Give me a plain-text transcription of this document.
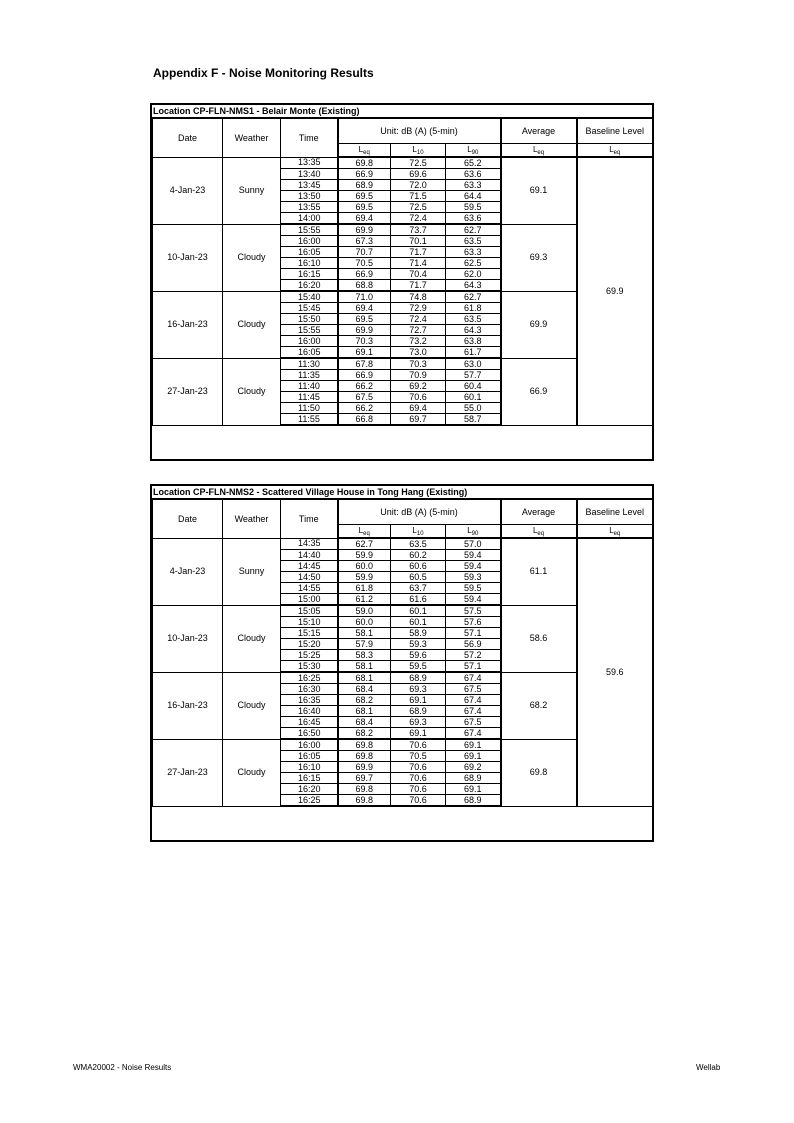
Appendix F - Noise Monitoring Results
Location CP-FLN-NMS1 - Belair Monte (Existing)
Date	Weather	Time	Unit: dB (A) (5-min)			Average	Baseline Level
			$L_{eq}$	$L_{10}$	$L_{90}$	$L_{eq}$	$L_{eq}$
4-Jan-23	Sunny	13:35	69.8	72.5	65.2	69.1	69.9
		13:40	66.9	69.6	63.6		
		13:45	68.9	72.0	63.3		
		13:50	69.5	71.5	64.4		
		13:55	69.5	72.5	59.5		
		14:00	69.4	72.4	63.6		
10-Jan-23	Cloudy	15:55	69.9	73.7	62.7	69.3	
		16:00	67.3	70.1	63.5		
		16:05	70.7	71.7	63.3		
		16:10	70.5	71.4	62.5		
		16:15	66.9	70.4	62.0		
		16:20	68.8	71.7	64.3		
16-Jan-23	Cloudy	15:40	71.0	74.8	62.7	69.9	
		15:45	69.4	72.9	61.8		
		15:50	69.5	72.4	63.5		
		15:55	69.9	72.7	64.3		
		16:00	70.3	73.2	63.8		
		16:05	69.1	73.0	61.7		
27-Jan-23	Cloudy	11:30	67.8	70.3	63.0	66.9	
		11:35	66.9	70.9	57.7		
		11:40	66.2	69.2	60.4		
		11:45	67.5	70.6	60.1		
		11:50	66.2	69.4	55.0		
		11:55	66.8	69.7	58.7		
Location CP-FLN-NMS2 - Scattered Village House in Tong Hang (Existing)
Date	Weather	Time	Unit: dB (A) (5-min)			Average	Baseline Level
			$L_{eq}$	$L_{10}$	$L_{90}$	$L_{eq}$	$L_{eq}$
4-Jan-23	Sunny	14:35	62.7	63.5	57.0	61.1	59.6
		14:40	59.9	60.2	59.4		
		14:45	60.0	60.6	59.4		
		14:50	59.9	60.5	59.3		
		14:55	61.8	63.7	59.5		
		15:00	61.2	61.6	59.4		
10-Jan-23	Cloudy	15:05	59.0	60.1	57.5	58.6	
		15:10	60.0	60.1	57.6		
		15:15	58.1	58.9	57.1		
		15:20	57.9	59.3	56.9		
		15:25	58.3	59.6	57.2		
		15:30	58.1	59.5	57.1		
16-Jan-23	Cloudy	16:25	68.1	68.9	67.4	68.2	
		16:30	68.4	69.3	67.5		
		16:35	68.2	69.1	67.4		
		16:40	68.1	68.9	67.4		
		16:45	68.4	69.3	67.5		
		16:50	68.2	69.1	67.4		
27-Jan-23	Cloudy	16:00	69.8	70.6	69.1	69.8	
		16:05	69.8	70.5	69.1		
		16:10	69.9	70.6	69.2		
		16:15	69.7	70.6	68.9		
		16:20	69.8	70.6	69.1		
		16:25	69.8	70.6	68.9		
WMA20002 - Noise Results	Wellab
